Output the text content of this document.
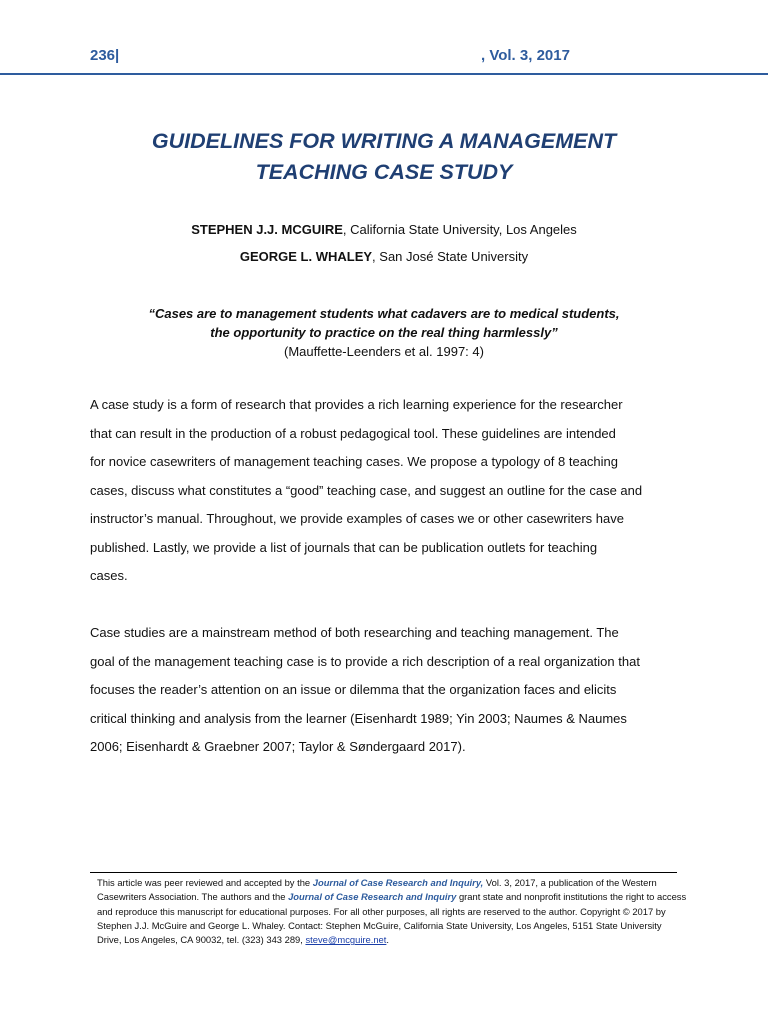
236|	, Vol. 3, 2017
GUIDELINES FOR WRITING A MANAGEMENT
TEACHING CASE STUDY
STEPHEN J.J. MCGUIRE, California State University, Los Angeles
GEORGE L. WHALEY, San José State University
“Cases are to management students what cadavers are to medical students,
the opportunity to practice on the real thing harmlessly”
(Mauffette-Leenders et al. 1997: 4)
A case study is a form of research that provides a rich learning experience for the researcher
that can result in the production of a robust pedagogical tool. These guidelines are intended
for novice casewriters of management teaching cases. We propose a typology of 8 teaching
cases, discuss what constitutes a “good” teaching case, and suggest an outline for the case and
instructor’s manual. Throughout, we provide examples of cases we or other casewriters have
published. Lastly, we provide a list of journals that can be publication outlets for teaching
cases.
Case studies are a mainstream method of both researching and teaching management. The
goal of the management teaching case is to provide a rich description of a real organization that
focuses the reader’s attention on an issue or dilemma that the organization faces and elicits
critical thinking and analysis from the learner (Eisenhardt 1989; Yin 2003; Naumes & Naumes
2006; Eisenhardt & Graebner 2007; Taylor & Søndergaard 2017).
This article was peer reviewed and accepted by the Journal of Case Research and Inquiry, Vol. 3, 2017, a publication of the Western Casewriters Association. The authors and the Journal of Case Research and Inquiry grant state and nonprofit institutions the right to access and reproduce this manuscript for educational purposes. For all other purposes, all rights are reserved to the author. Copyright © 2017 by Stephen J.J. McGuire and George L. Whaley. Contact: Stephen McGuire, California State University, Los Angeles, 5151 State University Drive, Los Angeles, CA 90032, tel. (323) 343 289, steve@mcguire.net.
